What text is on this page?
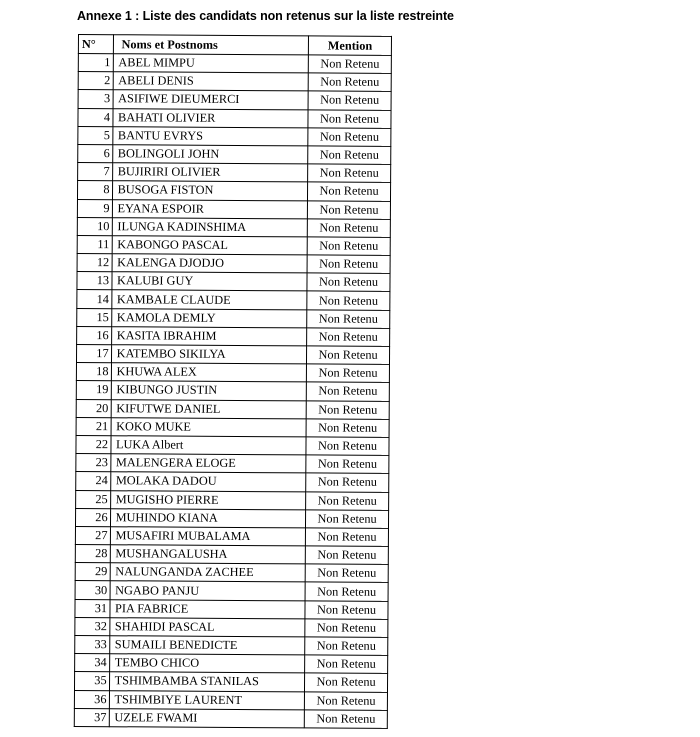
Annexe 1 : Liste des candidats non retenus sur la liste restreinte
N°	Noms et Postnoms	Mention
1	ABEL MIMPU	Non Retenu
2	ABELI DENIS	Non Retenu
3	ASIFIWE DIEUMERCI	Non Retenu
4	BAHATI OLIVIER	Non Retenu
5	BANTU EVRYS	Non Retenu
6	BOLINGOLI JOHN	Non Retenu
7	BUJIRIRI OLIVIER	Non Retenu
8	BUSOGA FISTON	Non Retenu
9	EYANA ESPOIR	Non Retenu
10	ILUNGA KADINSHIMA	Non Retenu
11	KABONGO PASCAL	Non Retenu
12	KALENGA DJODJO	Non Retenu
13	KALUBI GUY	Non Retenu
14	KAMBALE CLAUDE	Non Retenu
15	KAMOLA DEMLY	Non Retenu
16	KASITA IBRAHIM	Non Retenu
17	KATEMBO SIKILYA	Non Retenu
18	KHUWA ALEX	Non Retenu
19	KIBUNGO JUSTIN	Non Retenu
20	KIFUTWE DANIEL	Non Retenu
21	KOKO MUKE	Non Retenu
22	LUKA Albert	Non Retenu
23	MALENGERA ELOGE	Non Retenu
24	MOLAKA DADOU	Non Retenu
25	MUGISHO PIERRE	Non Retenu
26	MUHINDO KIANA	Non Retenu
27	MUSAFIRI MUBALAMA	Non Retenu
28	MUSHANGALUSHA	Non Retenu
29	NALUNGANDA ZACHEE	Non Retenu
30	NGABO PANJU	Non Retenu
31	PIA FABRICE	Non Retenu
32	SHAHIDI PASCAL	Non Retenu
33	SUMAILI BENEDICTE	Non Retenu
34	TEMBO CHICO	Non Retenu
35	TSHIMBAMBA STANILAS	Non Retenu
36	TSHIMBIYE LAURENT	Non Retenu
37	UZELE FWAMI	Non Retenu
